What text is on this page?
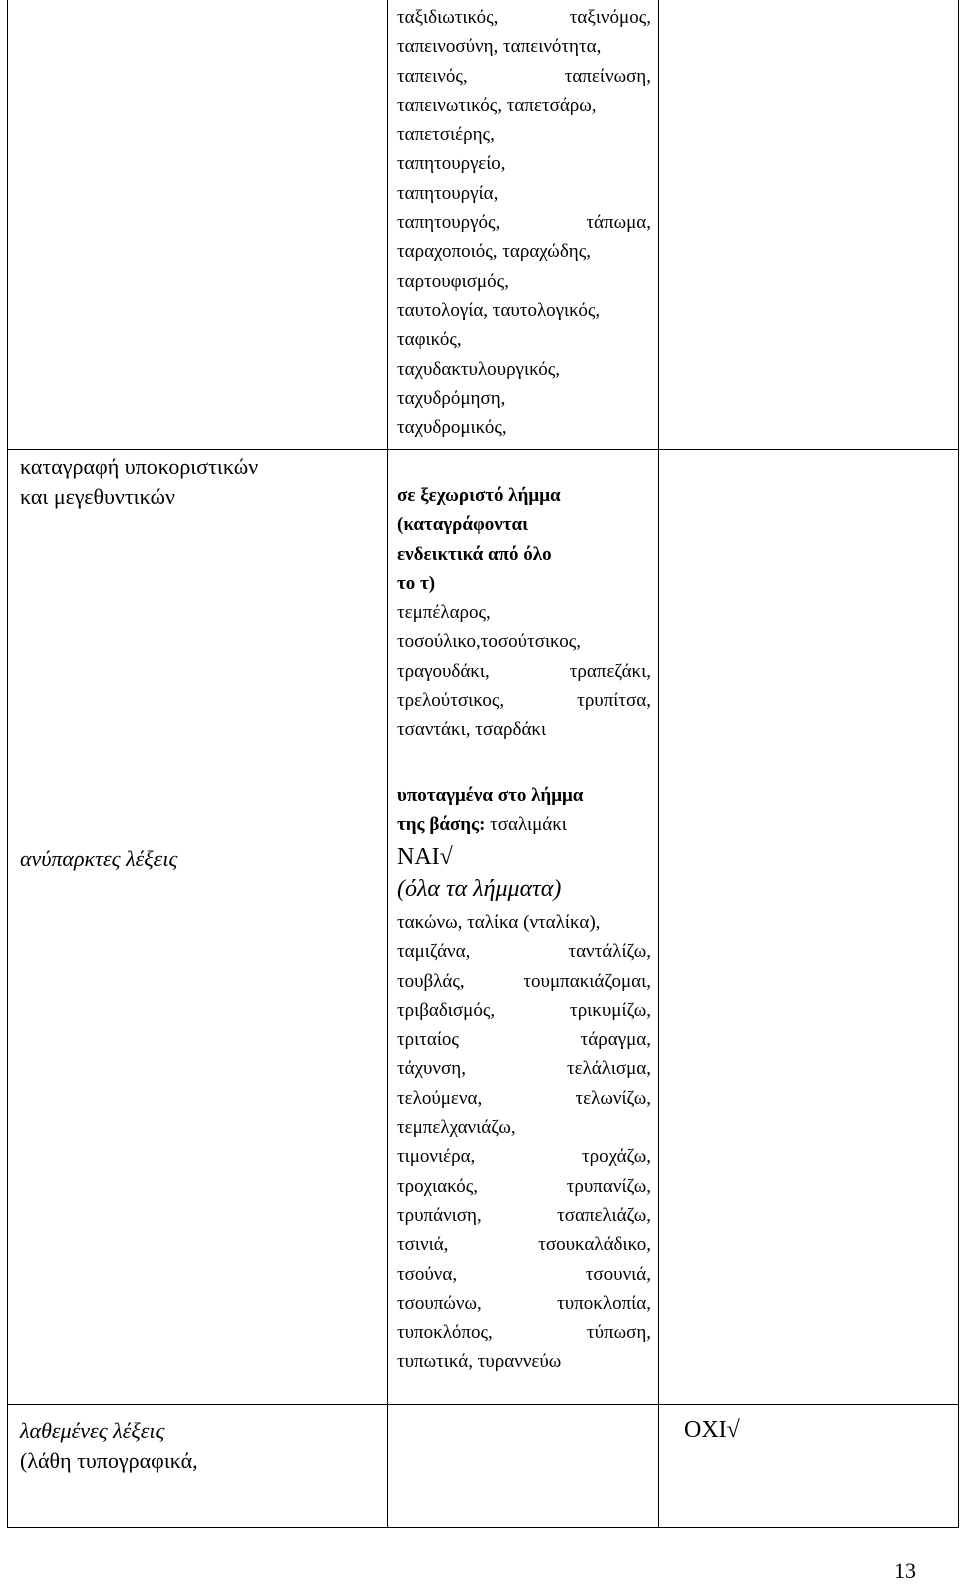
ταξιδιωτικός, ταξινόμος,

ταπεινοσύνη, ταπεινότητα,

ταπεινός, ταπείνωση,

ταπεινωτικός, ταπετσάρω,

ταπετσιέρης,

ταπητουργείο,

ταπητουργία,

ταπητουργός, τάπωμα,

ταραχοποιός, ταραχώδης,

ταρτουφισμός,

ταυτολογία, ταυτολογικός,

ταφικός,

ταχυδακτυλουργικός,

ταχυδρόμηση,

ταχυδρομικός,

καταγραφή υποκοριστικών
και μεγεθυντικών	σε ξεχωριστό λήμμα

(καταγράφονται

ενδεικτικά από όλο

το τ)

τεμπέλαρος,

τοσούλικο,τοσούτσικος,

τραγουδάκι, τραπεζάκι,

τρελούτσικος, τρυπίτσα,

τσαντάκι, τσαρδάκι

υποταγμένα στο λήμμα

της βάσης: τσαλιμάκι

ανύπαρκτες λέξεις	ΝΑΙ√
(όλα τα λήμματα)

τακώνω, ταλίκα (νταλίκα),

ταμιζάνα, ταντάλίζω,

τουβλάς, τουμπακιάζομαι,

τριβαδισμός, τρικυμίζω,

τριταίος τάραγμα,

τάχυνση, τελάλισμα,

τελούμενα, τελωνίζω,

τεμπελχανιάζω,

τιμονιέρα, τροχάζω,

τροχιακός, τρυπανίζω,

τρυπάνιση, τσαπελιάζω,

τσινιά, τσουκαλάδικο,

τσούνα, τσουνιά,

τσουπώνω, τυποκλοπία,

τυποκλόπος, τύπωση,

τυπωτικά, τυραννεύω

λαθεμένες λέξεις
(λάθη τυπογραφικά,
ΟΧΙ√
13
